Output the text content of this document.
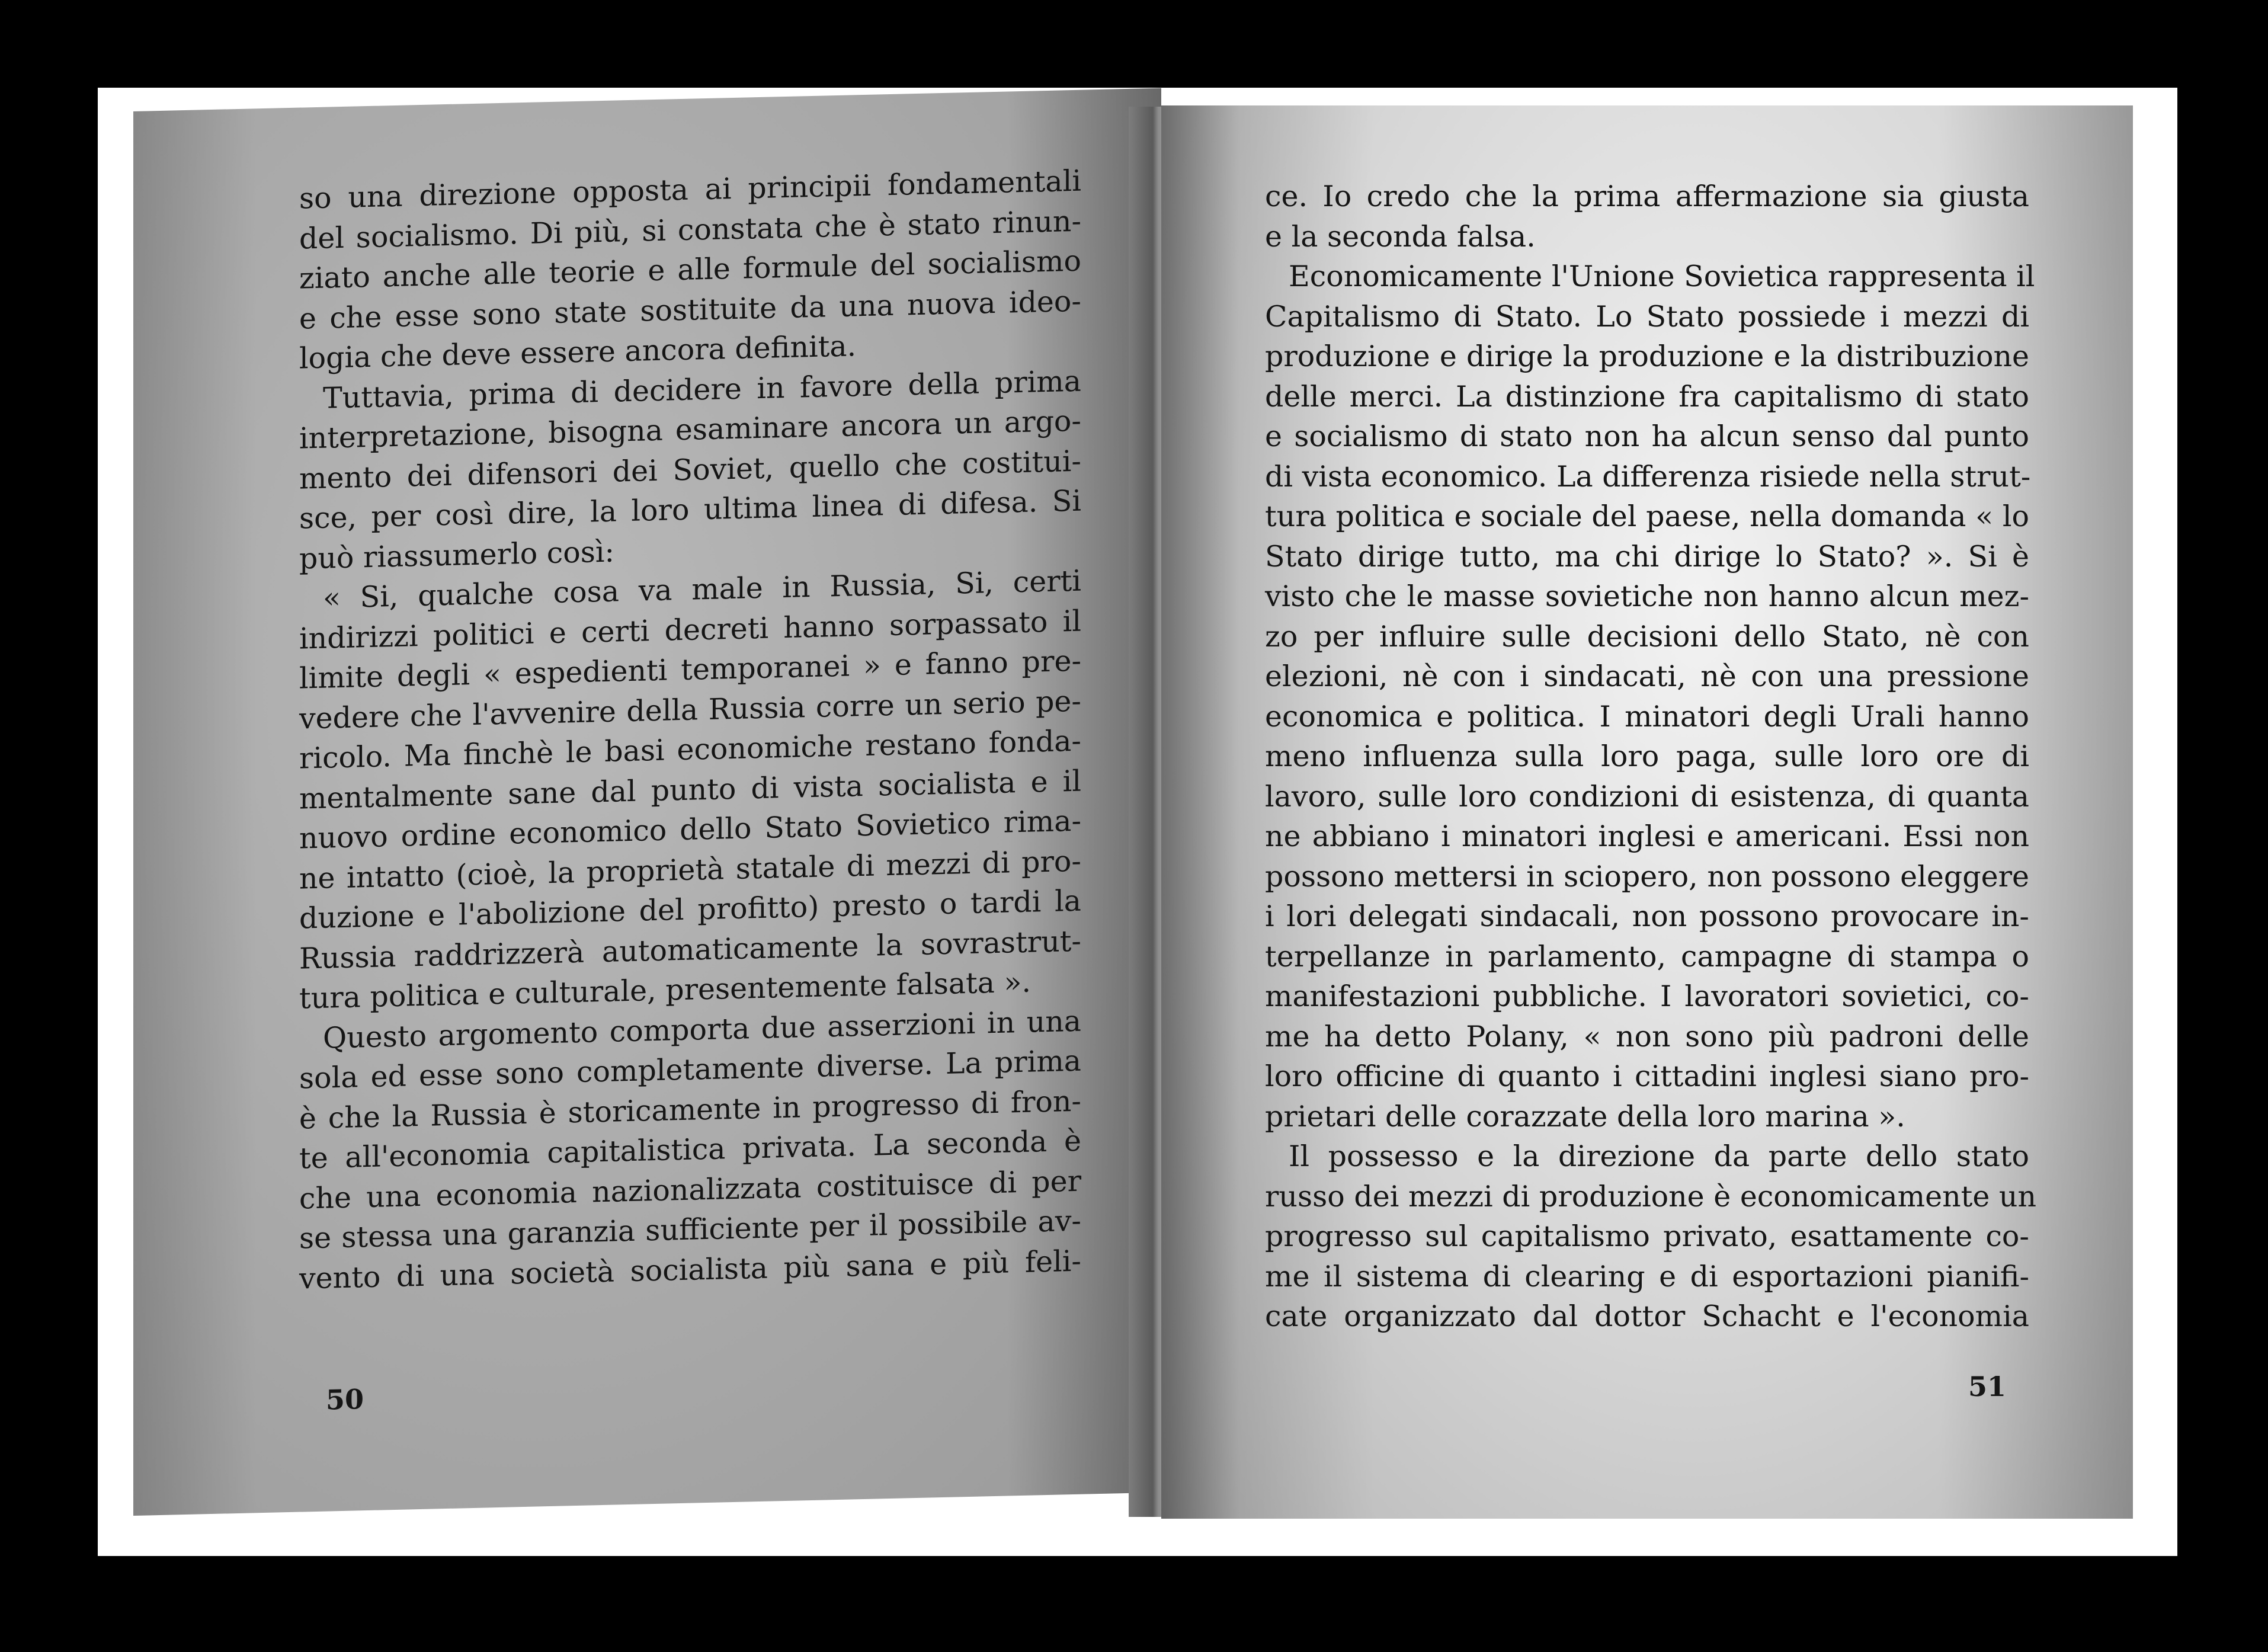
so una direzione opposta ai principii fondamentali
del socialismo. Di più, si constata che è stato rinun-
ziato anche alle teorie e alle formule del socialismo
e che esse sono state sostituite da una nuova ideo-
logia che deve essere ancora definita.
Tuttavia, prima di decidere in favore della prima
interpretazione, bisogna esaminare ancora un argo-
mento dei difensori dei Soviet, quello che costitui-
sce, per così dire, la loro ultima linea di difesa. Si
può riassumerlo così:
« Si, qualche cosa va male in Russia, Si, certi
indirizzi politici e certi decreti hanno sorpassato il
limite degli « espedienti temporanei » e fanno pre-
vedere che l'avvenire della Russia corre un serio pe-
ricolo. Ma finchè le basi economiche restano fonda-
mentalmente sane dal punto di vista socialista e il
nuovo ordine economico dello Stato Sovietico rima-
ne intatto (cioè, la proprietà statale di mezzi di pro-
duzione e l'abolizione del profitto) presto o tardi la
Russia raddrizzerà automaticamente la sovrastrut-
tura politica e culturale, presentemente falsata ».
Questo argomento comporta due asserzioni in una
sola ed esse sono completamente diverse. La prima
è che la Russia è storicamente in progresso di fron-
te all'economia capitalistica privata. La seconda è
che una economia nazionalizzata costituisce di per
se stessa una garanzia sufficiente per il possibile av-
vento di una società socialista più sana e più feli-
50
ce. Io credo che la prima affermazione sia giusta
e la seconda falsa.
Economicamente l'Unione Sovietica rappresenta il
Capitalismo di Stato. Lo Stato possiede i mezzi di
produzione e dirige la produzione e la distribuzione
delle merci. La distinzione fra capitalismo di stato
e socialismo di stato non ha alcun senso dal punto
di vista economico. La differenza risiede nella strut-
tura politica e sociale del paese, nella domanda « lo
Stato dirige tutto, ma chi dirige lo Stato? ». Si è
visto che le masse sovietiche non hanno alcun mez-
zo per influire sulle decisioni dello Stato, nè con
elezioni, nè con i sindacati, nè con una pressione
economica e politica. I minatori degli Urali hanno
meno influenza sulla loro paga, sulle loro ore di
lavoro, sulle loro condizioni di esistenza, di quanta
ne abbiano i minatori inglesi e americani. Essi non
possono mettersi in sciopero, non possono eleggere
i lori delegati sindacali, non possono provocare in-
terpellanze in parlamento, campagne di stampa o
manifestazioni pubbliche. I lavoratori sovietici, co-
me ha detto Polany, « non sono più padroni delle
loro officine di quanto i cittadini inglesi siano pro-
prietari delle corazzate della loro marina ».
Il possesso e la direzione da parte dello stato
russo dei mezzi di produzione è economicamente un
progresso sul capitalismo privato, esattamente co-
me il sistema di clearing e di esportazioni pianifi-
cate organizzato dal dottor Schacht e l'economia
51
